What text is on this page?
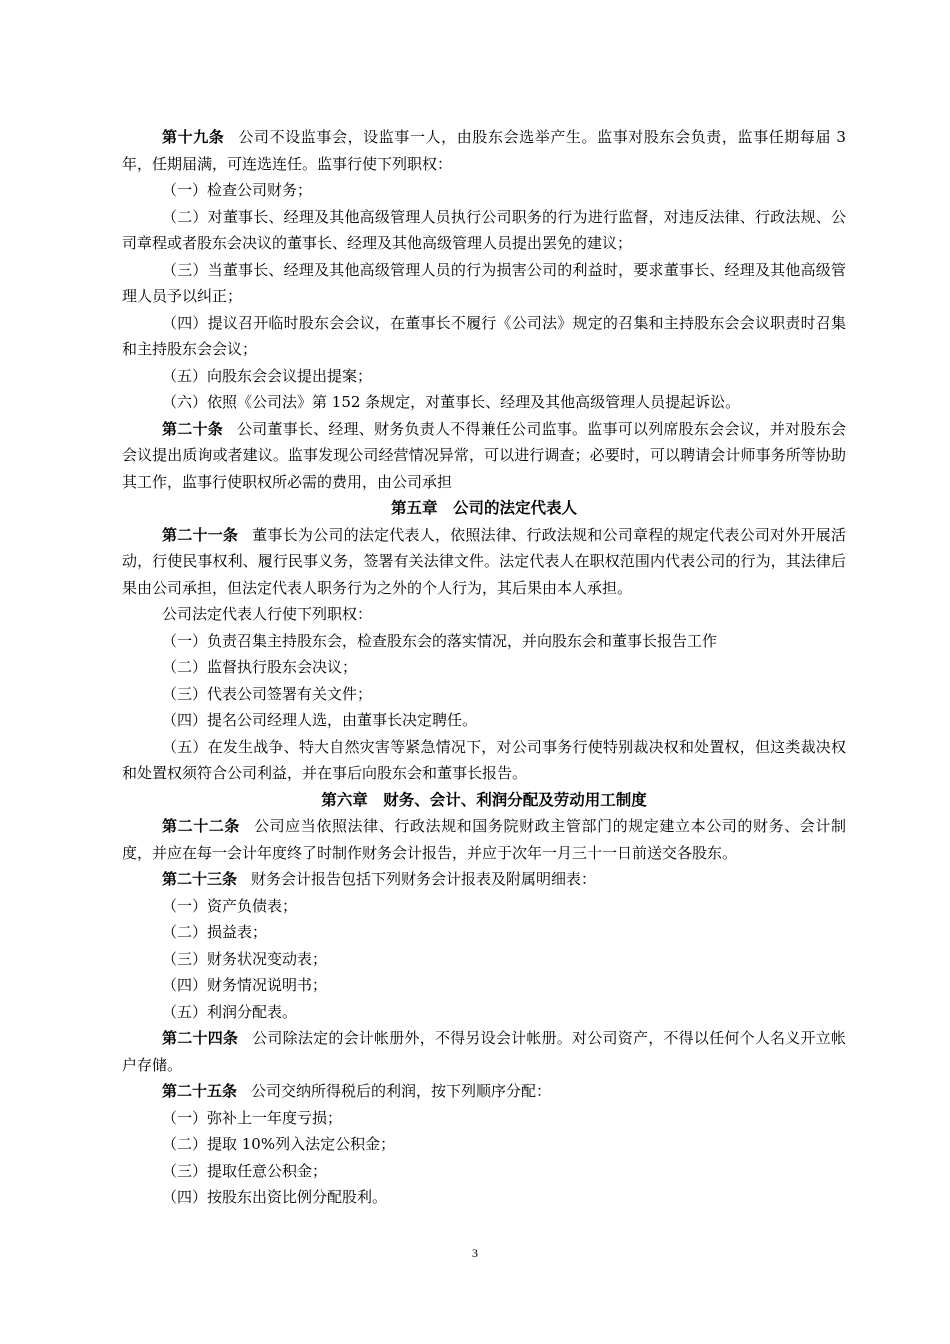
第十九条 公司不设监事会，设监事一人，由股东会选举产生。监事对股东会负责，监事任期每届 3 年，任期届满，可连选连任。监事行使下列职权：

（一）检查公司财务；

（二）对董事长、经理及其他高级管理人员执行公司职务的行为进行监督，对违反法律、行政法规、公司章程或者股东会决议的董事长、经理及其他高级管理人员提出罢免的建议；

（三）当董事长、经理及其他高级管理人员的行为损害公司的利益时，要求董事长、经理及其他高级管理人员予以纠正；

（四）提议召开临时股东会会议，在董事长不履行《公司法》规定的召集和主持股东会会议职责时召集和主持股东会会议；

（五）向股东会会议提出提案；

（六）依照《公司法》第 152 条规定，对董事长、经理及其他高级管理人员提起诉讼。

第二十条 公司董事长、经理、财务负责人不得兼任公司监事。监事可以列席股东会会议，并对股东会会议提出质询或者建议。监事发现公司经营情况异常，可以进行调查；必要时，可以聘请会计师事务所等协助其工作，监事行使职权所必需的费用，由公司承担

第五章　公司的法定代表人

第二十一条 董事长为公司的法定代表人，依照法律、行政法规和公司章程的规定代表公司对外开展活动，行使民事权利、履行民事义务，签署有关法律文件。法定代表人在职权范围内代表公司的行为，其法律后果由公司承担，但法定代表人职务行为之外的个人行为，其后果由本人承担。

公司法定代表人行使下列职权：

（一）负责召集主持股东会，检查股东会的落实情况，并向股东会和董事长报告工作

（二）监督执行股东会决议；

（三）代表公司签署有关文件；

（四）提名公司经理人选，由董事长决定聘任。

（五）在发生战争、特大自然灾害等紧急情况下，对公司事务行使特别裁决权和处置权，但这类裁决权和处置权须符合公司利益，并在事后向股东会和董事长报告。

第六章　财务、会计、利润分配及劳动用工制度

第二十二条 公司应当依照法律、行政法规和国务院财政主管部门的规定建立本公司的财务、会计制度，并应在每一会计年度终了时制作财务会计报告，并应于次年一月三十一日前送交各股东。

第二十三条 财务会计报告包括下列财务会计报表及附属明细表：

（一）资产负债表；

（二）损益表；

（三）财务状况变动表；

（四）财务情况说明书；

（五）利润分配表。

第二十四条 公司除法定的会计帐册外，不得另设会计帐册。对公司资产，不得以任何个人名义开立帐户存储。

第二十五条 公司交纳所得税后的利润，按下列顺序分配：

（一）弥补上一年度亏损；

（二）提取 10%列入法定公积金；

（三）提取任意公积金；

（四）按股东出资比例分配股利。

3
